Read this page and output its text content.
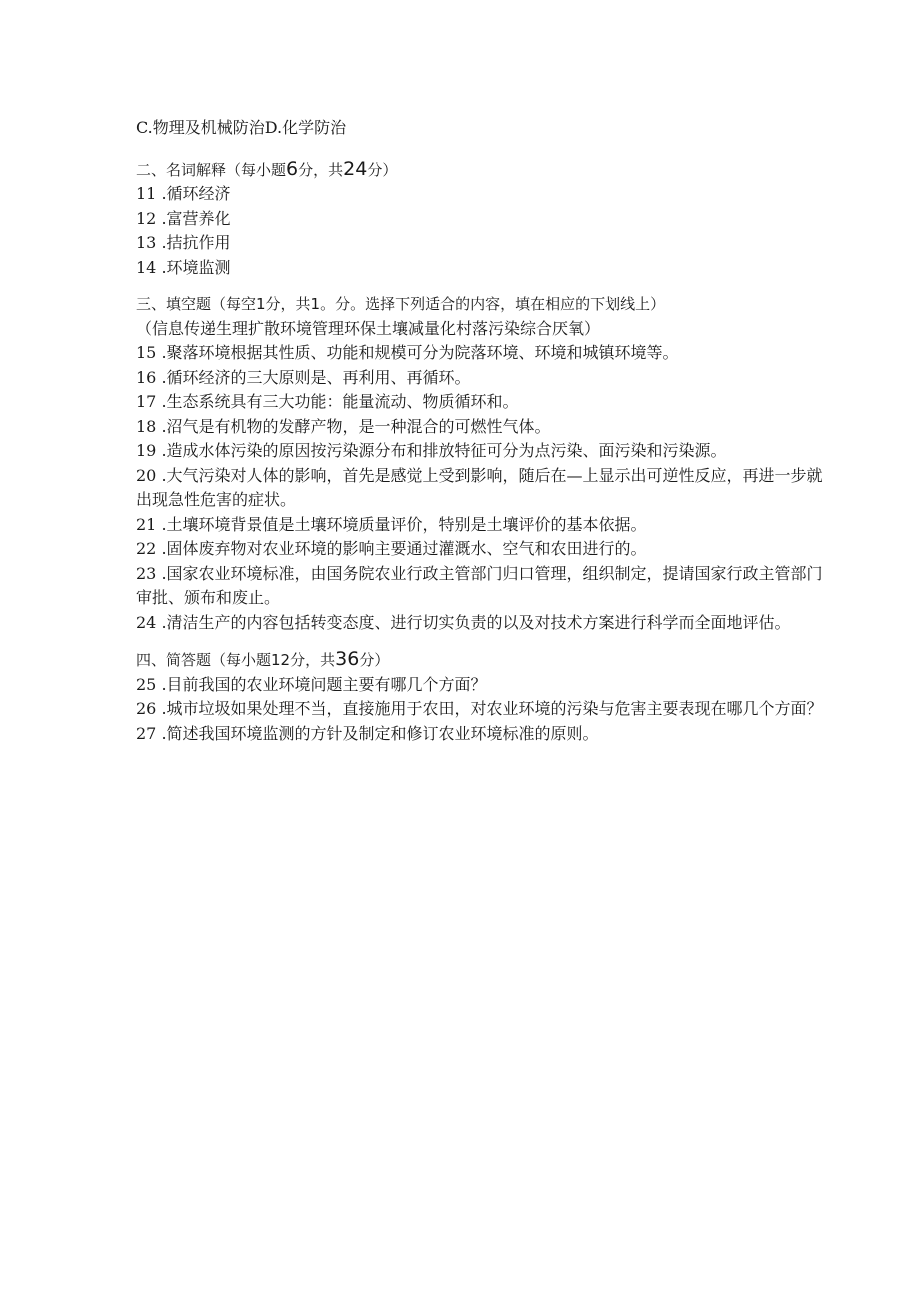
C.物理及机械防治D.化学防治
二、名词解释（每小题6分，共24分）
11 .循环经济
12 .富营养化
13 .拮抗作用
14 .环境监测
三、填空题（每空1分，共1。分。选择下列适合的内容，填在相应的下划线上）
（信息传递生理扩散环境管理环保土壤减量化村落污染综合厌氧）
15 .聚落环境根据其性质、功能和规模可分为院落环境、环境和城镇环境等。
16 .循环经济的三大原则是、再利用、再循环。
17 .生态系统具有三大功能：能量流动、物质循环和。
18 .沼气是有机物的发酵产物，是一种混合的可燃性气体。
19 .造成水体污染的原因按污染源分布和排放特征可分为点污染、面污染和污染源。
20 .大气污染对人体的影响，首先是感觉上受到影响，随后在—上显示出可逆性反应，再进一步就出现急性危害的症状。
21 .土壤环境背景值是土壤环境质量评价，特别是土壤评价的基本依据。
22 .固体废弃物对农业环境的影响主要通过灌溉水、空气和农田进行的。
23 .国家农业环境标准，由国务院农业行政主管部门归口管理，组织制定，提请国家行政主管部门审批、颁布和废止。
24 .清洁生产的内容包括转变态度、进行切实负责的以及对技术方案进行科学而全面地评估。
四、简答题（每小题12分，共36分）
25 .目前我国的农业环境问题主要有哪几个方面？
26 .城市垃圾如果处理不当，直接施用于农田，对农业环境的污染与危害主要表现在哪几个方面？
27 .简述我国环境监测的方针及制定和修订农业环境标准的原则。
